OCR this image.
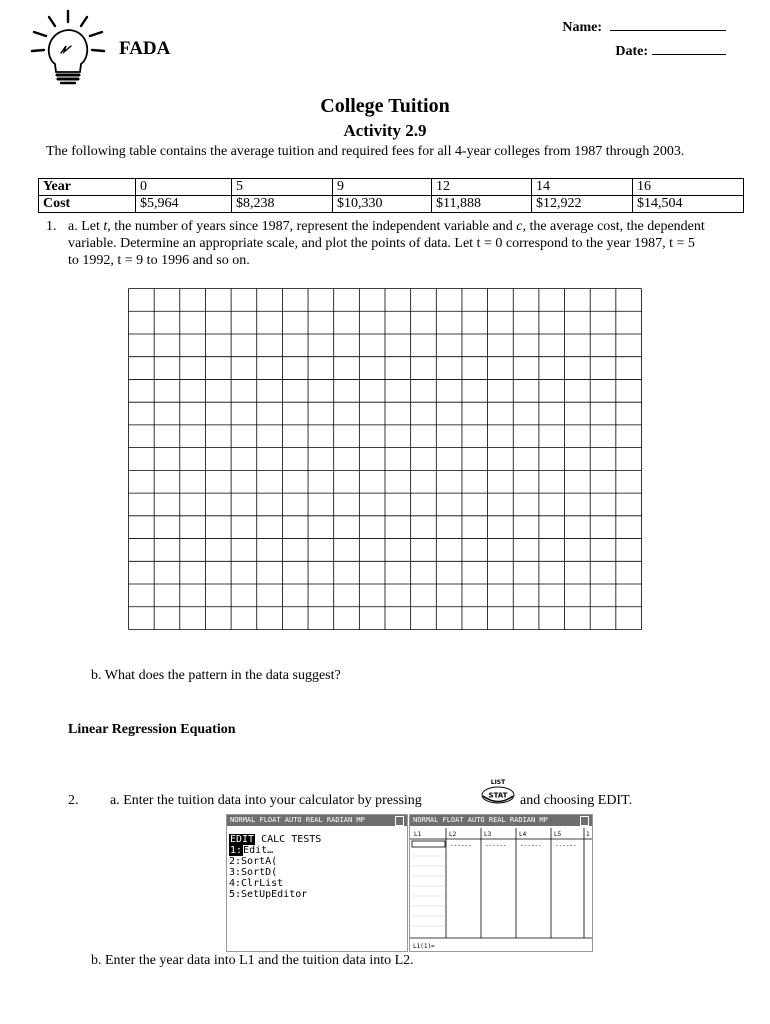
FADA
Name:
Date:
College Tuition
Activity 2.9
The following table contains the average tuition and required fees for all 4-year colleges from 1987 through 2003.
Year	0	5	9	12	14	16
Cost	$5,964	$8,238	$10,330	$11,888	$12,922	$14,504
1. a. Let t, the number of years since 1987, represent the independent variable and c, the average cost, the dependent variable. Determine an appropriate scale, and plot the points of data. Let t = 0 correspond to the year 1987, t = 5 to 1992, t = 9 to 1996 and so on.
b. What does the pattern in the data suggest?
Linear Regression Equation
2. a. Enter the tuition data into your calculator by pressing
LIST
STAT and choosing EDIT.
NORMAL FLOAT AUTO REAL RADIAN MP
EDIT CALC TESTS
1:Edit…
2:SortA(
3:SortD(
4:ClrList
5:SetUpEditor
NORMAL FLOAT AUTO REAL RADIAN MP
L1	L2	L3	L4	L5	1
------ ------ ------ ------
L1(1)=
b. Enter the year data into L1 and the tuition data into L2.
